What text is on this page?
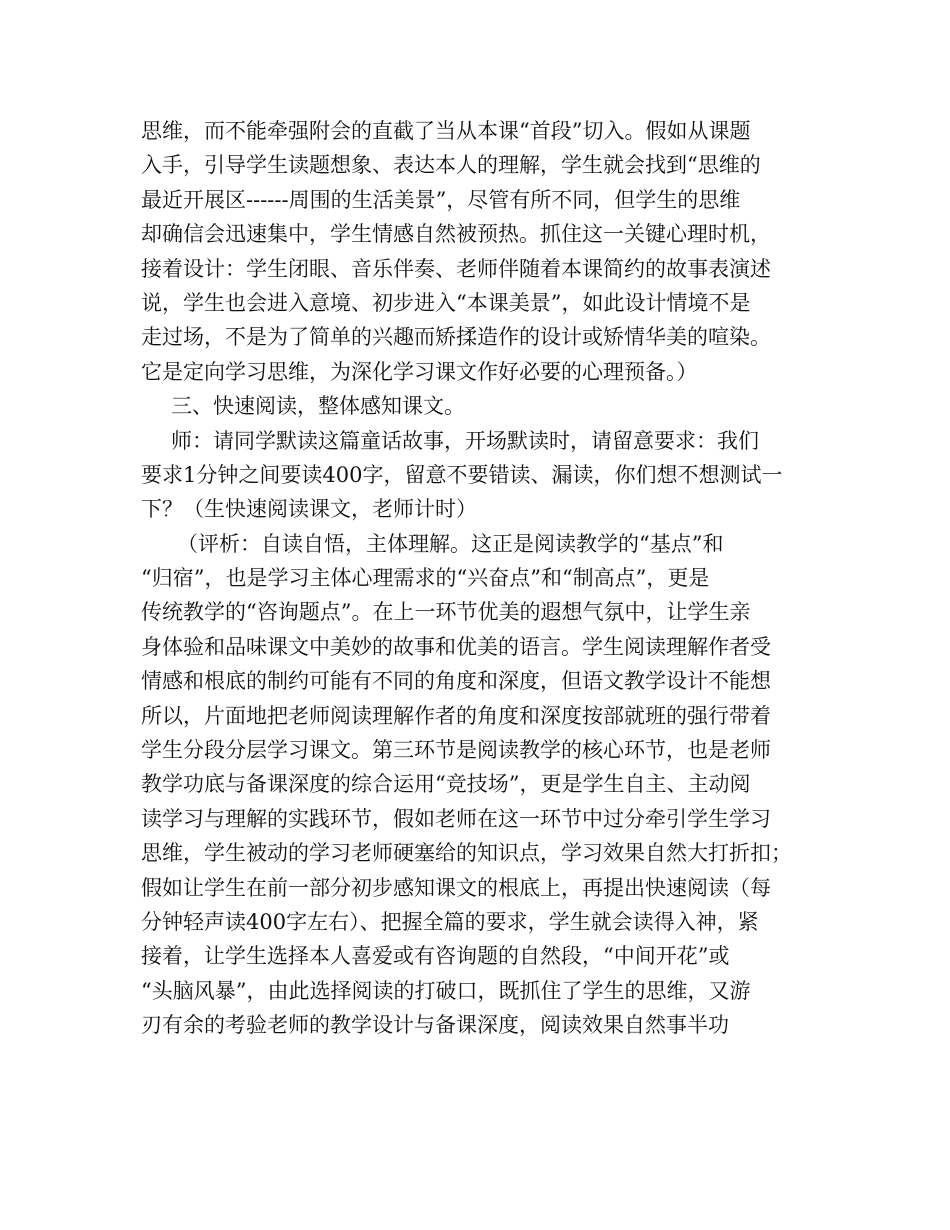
思维，而不能牵强附会的直截了当从本课“首段”切入。假如从课题
入手，引导学生读题想象、表达本人的理解，学生就会找到“思维的
最近开展区------周围的生活美景”，尽管有所不同，但学生的思维
却确信会迅速集中，学生情感自然被预热。抓住这一关键心理时机，
接着设计：学生闭眼、音乐伴奏、老师伴随着本课简约的故事表演述
说，学生也会进入意境、初步进入“本课美景”，如此设计情境不是
走过场，不是为了简单的兴趣而矫揉造作的设计或矫情华美的喧染。
它是定向学习思维，为深化学习课文作好必要的心理预备。）
三、快速阅读，整体感知课文。
师：请同学默读这篇童话故事，开场默读时，请留意要求：我们
要求1分钟之间要读400字，留意不要错读、漏读，你们想不想测试一
下？（生快速阅读课文，老师计时）
（评析：自读自悟，主体理解。这正是阅读教学的“基点”和
“归宿”，也是学习主体心理需求的“兴奋点”和“制高点”，更是
传统教学的“咨询题点”。在上一环节优美的遐想气氛中，让学生亲
身体验和品味课文中美妙的故事和优美的语言。学生阅读理解作者受
情感和根底的制约可能有不同的角度和深度，但语文教学设计不能想
所以，片面地把老师阅读理解作者的角度和深度按部就班的强行带着
学生分段分层学习课文。第三环节是阅读教学的核心环节，也是老师
教学功底与备课深度的综合运用“竞技场”，更是学生自主、主动阅
读学习与理解的实践环节，假如老师在这一环节中过分牵引学生学习
思维，学生被动的学习老师硬塞给的知识点，学习效果自然大打折扣；
假如让学生在前一部分初步感知课文的根底上，再提出快速阅读（每
分钟轻声读400字左右）、把握全篇的要求，学生就会读得入神，紧
接着，让学生选择本人喜爱或有咨询题的自然段，“中间开花”或
“头脑风暴”，由此选择阅读的打破口，既抓住了学生的思维，又游
刃有余的考验老师的教学设计与备课深度，阅读效果自然事半功
